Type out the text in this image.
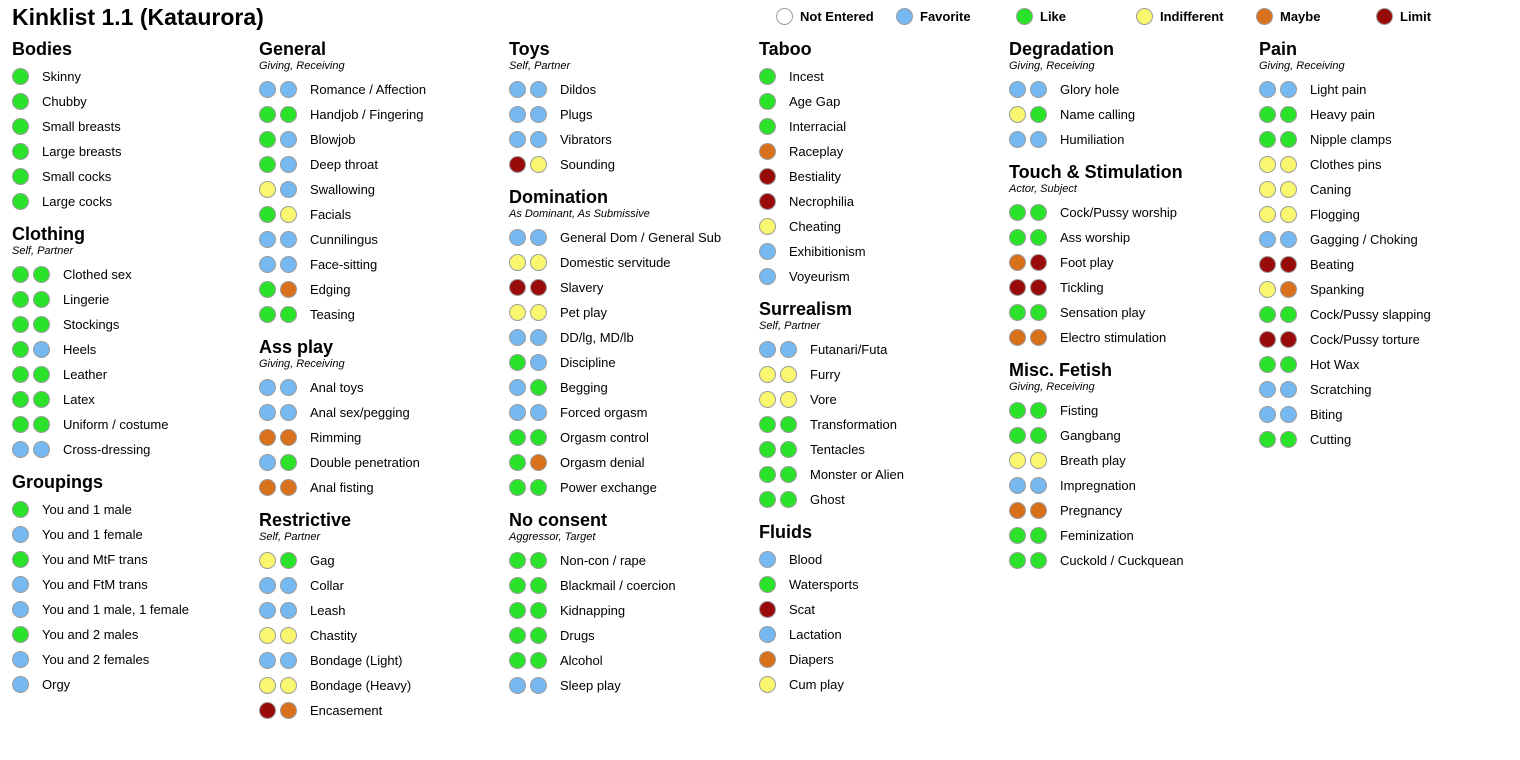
Kinklist 1.1 (Kataurora)	Not Entered	Favorite	Like	Indifferent	Maybe	Limit
Bodies
Skinny
Chubby
Small breasts
Large breasts
Small cocks
Large cocks
Clothing
Self, Partner
Clothed sex
Lingerie
Stockings
Heels
Leather
Latex
Uniform / costume
Cross-dressing
Groupings
You and 1 male
You and 1 female
You and MtF trans
You and FtM trans
You and 1 male, 1 female
You and 2 males
You and 2 females
Orgy
General
Giving, Receiving
Romance / Affection
Handjob / Fingering
Blowjob
Deep throat
Swallowing
Facials
Cunnilingus
Face-sitting
Edging
Teasing
Ass play
Giving, Receiving
Anal toys
Anal sex/pegging
Rimming
Double penetration
Anal fisting
Restrictive
Self, Partner
Gag
Collar
Leash
Chastity
Bondage (Light)
Bondage (Heavy)
Encasement
Toys
Self, Partner
Dildos
Plugs
Vibrators
Sounding
Domination
As Dominant, As Submissive
General Dom / General Sub
Domestic servitude
Slavery
Pet play
DD/lg, MD/lb
Discipline
Begging
Forced orgasm
Orgasm control
Orgasm denial
Power exchange
No consent
Aggressor, Target
Non-con / rape
Blackmail / coercion
Kidnapping
Drugs
Alcohol
Sleep play
Taboo
Incest
Age Gap
Interracial
Raceplay
Bestiality
Necrophilia
Cheating
Exhibitionism
Voyeurism
Surrealism
Self, Partner
Futanari/Futa
Furry
Vore
Transformation
Tentacles
Monster or Alien
Ghost
Fluids
Blood
Watersports
Scat
Lactation
Diapers
Cum play
Degradation
Giving, Receiving
Glory hole
Name calling
Humiliation
Touch & Stimulation
Actor, Subject
Cock/Pussy worship
Ass worship
Foot play
Tickling
Sensation play
Electro stimulation
Misc. Fetish
Giving, Receiving
Fisting
Gangbang
Breath play
Impregnation
Pregnancy
Feminization
Cuckold / Cuckquean
Pain
Giving, Receiving
Light pain
Heavy pain
Nipple clamps
Clothes pins
Caning
Flogging
Gagging / Choking
Beating
Spanking
Cock/Pussy slapping
Cock/Pussy torture
Hot Wax
Scratching
Biting
Cutting
